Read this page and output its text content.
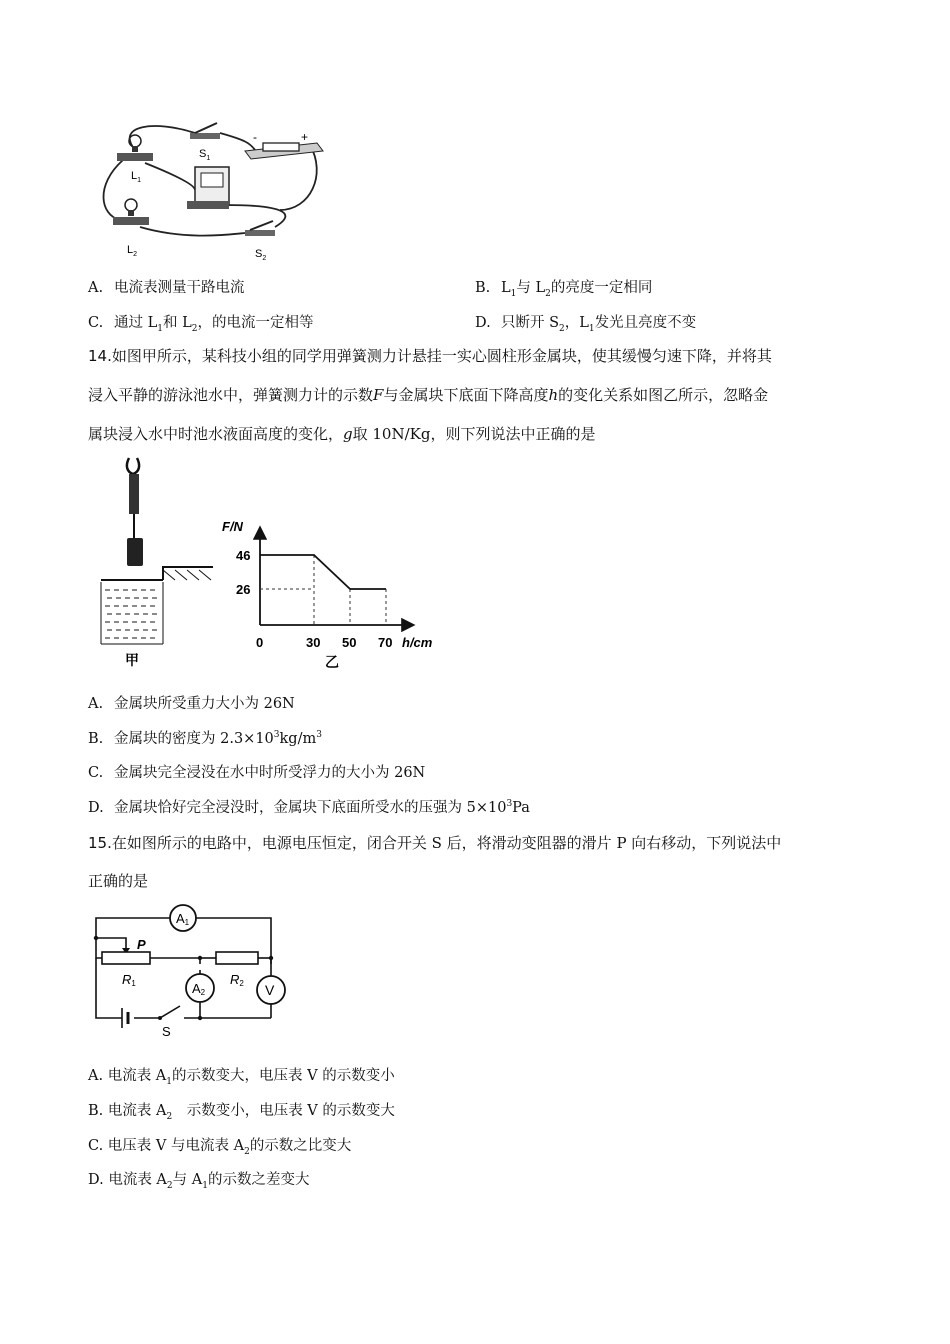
$L_1$
$L_2$
$S_1$
$S_2$
-	+
A. 电流表测量干路电流	B. $L_1$与 $L_2$的亮度一定相同
C. 通过 $L_1$和 $L_2$，的电流一定相等	D. 只断开 $S_2$，$L_1$发光且亮度不变
14.如图甲所示，某科技小组的同学用弹簧测力计悬挂一实心圆柱形金属块，使其缓慢匀速下降，并将其
浸入平静的游泳池水中，弹簧测力计的示数F与金属块下底面下降高度h的变化关系如图乙所示，忽略金
属块浸入水中时池水液面高度的变化，g取 10N/Kg，则下列说法中正确的是
甲
F/N
h/cm
0	30 50 70
26
46
乙
A. 金属块所受重力大小为 26N
B. 金属块的密度为 $2.3\times 10^3kg/m^3$
C. 金属块完全浸没在水中时所受浮力的大小为 26N
D. 金属块恰好完全浸没时，金属块下底面所受水的压强为 $5\times 10^3Pa$
15.在如图所示的电路中，电源电压恒定，闭合开关 S 后，将滑动变阻器的滑片 P 向右移动，下列说法中
正确的是
A1
A2	V
P
R1	R2
S
A. 电流表 $A_1$的示数变大，电压表 V 的示数变小
B. 电流表 $A_2$　示数变小，电压表 V 的示数变大
C. 电压表 V 与电流表 $A_2$的示数之比变大
D. 电流表 $A_2$与 $A_1$的示数之差变大
